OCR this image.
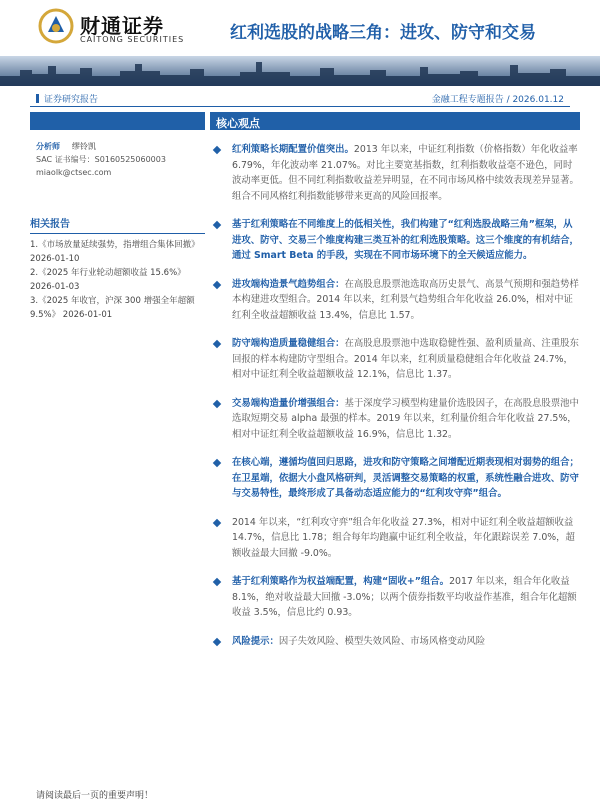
财通证券
CAITONG SECURITIES	红利选股的战略三角：进攻、防守和交易
证券研究报告	金融工程专题报告 / 2026.01.12
分析师 缪铃凯
SAC 证书编号：S0160525060003
miaolk@ctsec.com
相关报告
1.《市场放量延续强势，指增组合集体回撤》 2026-01-10
2.《2025 年行业轮动超额收益 15.6%》 2026-01-03
3.《2025 年收官，沪深 300 增强全年超额 9.5%》 2026-01-01
核心观点
红利策略长期配置价值突出。2013 年以来，中证红利指数（价格指数）年化收益率 6.79%，年化波动率 21.07%。对比主要宽基指数，红利指数收益毫不逊色，同时波动率更低。但不同红利指数收益差异明显，在不同市场风格中续效表现差异显著。组合不同风格红利指数能够带来更高的风险回报率。
基于红利策略在不同维度上的低相关性，我们构建了“红利选股战略三角”框架，从进攻、防守、交易三个维度构建三类互补的红利选股策略。这三个维度的有机结合，通过 Smart Beta 的手段，实现在不同市场环境下的全天候适应能力。
进攻端构造景气趋势组合：在高股息股票池选取高历史景气、高景气预期和强趋势样本构建进攻型组合。2014 年以来，红利景气趋势组合年化收益 26.0%，相对中证红利全收益超额收益 13.4%，信息比 1.57。
防守端构造质量稳健组合：在高股息股票池中选取稳健性强、盈利质量高、注重股东回报的样本构建防守型组合。2014 年以来，红利质量稳健组合年化收益 24.7%，相对中证红利全收益超额收益 12.1%，信息比 1.37。
交易端构造量价增强组合：基于深度学习模型构建量价选股因子，在高股息股票池中选取短期交易 alpha 最强的样本。2019 年以来，红利量价组合年化收益 27.5%，相对中证红利全收益超额收益 16.9%，信息比 1.32。
在核心端，遵循均值回归思路，进攻和防守策略之间增配近期表现相对弱势的组合；在卫星端，依据大小盘风格研判，灵活调整交易策略的权重，系统性融合进攻、防守与交易特性，最终形成了具备动态适应能力的“红利攻守弈”组合。
2014 年以来，“红利攻守弈”组合年化收益 27.3%，相对中证红利全收益超额收益 14.7%，信息比 1.78；组合每年均跑赢中证红利全收益，年化跟踪误差 7.0%，超额收益最大回撤 -9.0%。
基于红利策略作为权益端配置，构建“固收+”组合。2017 年以来，组合年化收益 8.1%，绝对收益最大回撤 -3.0%；以两个债券指数平均收益作基准，组合年化超额收益 3.5%，信息比约 0.93。
风险提示：因子失效风险、模型失效风险、市场风格变动风险
请阅读最后一页的重要声明！
